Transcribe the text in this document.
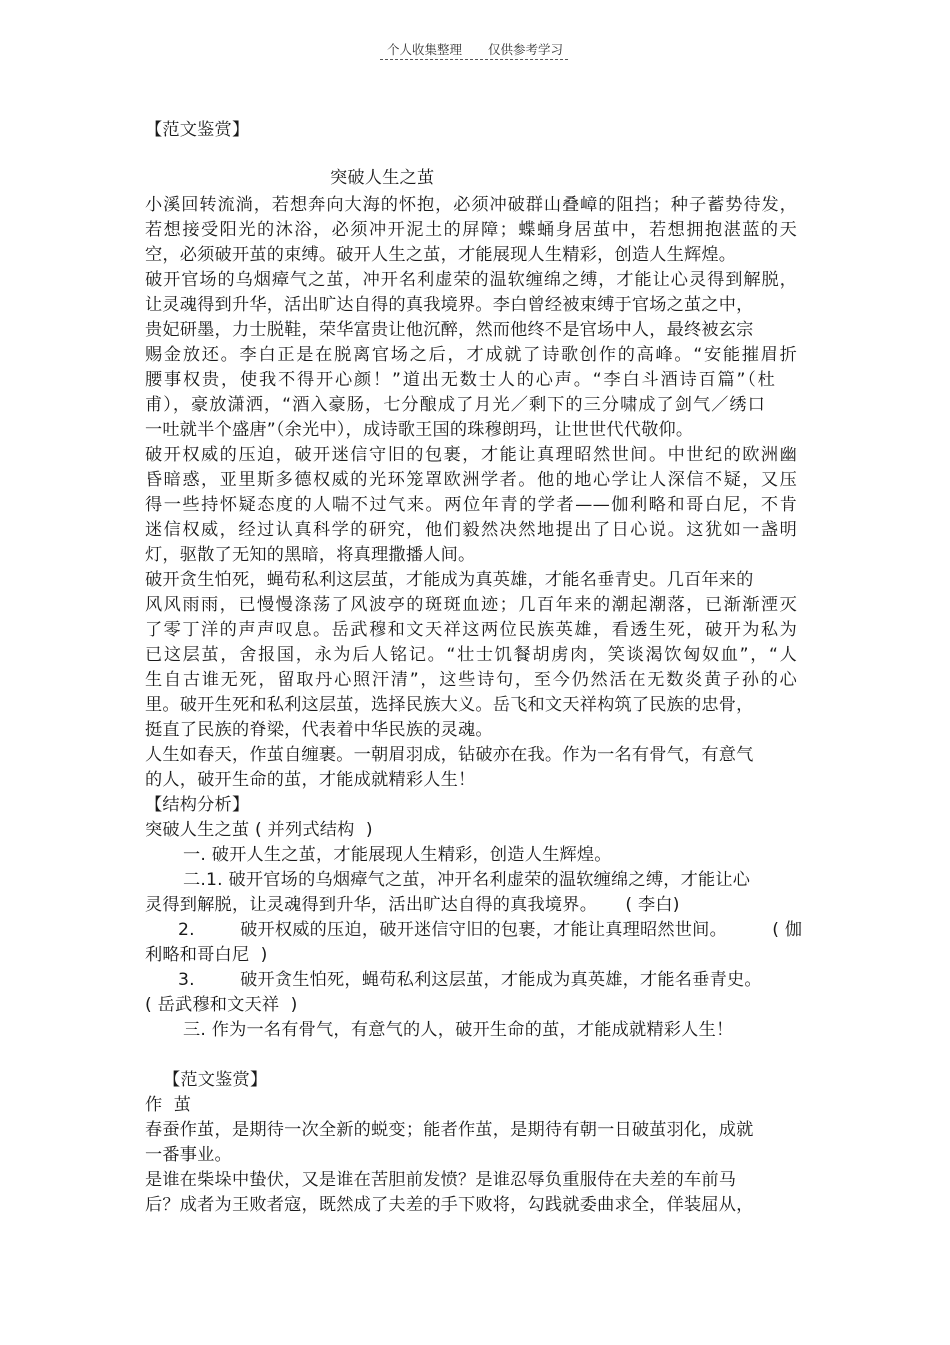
个人收集整理 仅供参考学习
【范文鉴赏】
突破人生之茧
小溪回转流淌，若想奔向大海的怀抱，必须冲破群山叠嶂的阻挡；种子蓄势待发，
若想接受阳光的沐浴，必须冲开泥土的屏障；蝶蛹身居茧中，若想拥抱湛蓝的天
空，必须破开茧的束缚。破开人生之茧，才能展现人生精彩，创造人生辉煌。
破开官场的乌烟瘴气之茧，冲开名利虚荣的温软缠绵之缚，才能让心灵得到解脱，
让灵魂得到升华，活出旷达自得的真我境界。李白曾经被束缚于官场之茧之中，
贵妃研墨，力士脱鞋，荣华富贵让他沉醉，然而他终不是官场中人，最终被玄宗
赐金放还。李白正是在脱离官场之后，才成就了诗歌创作的高峰。“安能摧眉折
腰事权贵，使我不得开心颜！”道出无数士人的心声。“李白斗酒诗百篇”（杜
甫），豪放潇洒，“酒入豪肠，七分酿成了月光／剩下的三分啸成了剑气／绣口
一吐就半个盛唐”（余光中），成诗歌王国的珠穆朗玛，让世世代代敬仰。
破开权威的压迫，破开迷信守旧的包裹，才能让真理昭然世间。中世纪的欧洲幽
昏暗惑，亚里斯多德权威的光环笼罩欧洲学者。他的地心学让人深信不疑，又压
得一些持怀疑态度的人喘不过气来。两位年青的学者——伽利略和哥白尼，不肯
迷信权威，经过认真科学的研究，他们毅然决然地提出了日心说。这犹如一盏明
灯，驱散了无知的黑暗，将真理撒播人间。
破开贪生怕死，蝇苟私利这层茧，才能成为真英雄，才能名垂青史。几百年来的
风风雨雨，已慢慢涤荡了风波亭的斑斑血迹；几百年来的潮起潮落，已渐渐湮灭
了零丁洋的声声叹息。岳武穆和文天祥这两位民族英雄，看透生死，破开为私为
已这层茧，舍报国，永为后人铭记。“壮士饥餐胡虏肉，笑谈渴饮匈奴血”，“人
生自古谁无死，留取丹心照汗清”，这些诗句，至今仍然活在无数炎黄子孙的心
里。破开生死和私利这层茧，选择民族大义。岳飞和文天祥构筑了民族的忠骨，
挺直了民族的脊梁，代表着中华民族的灵魂。
人生如春天，作茧自缠裹。一朝眉羽成，钻破亦在我。作为一名有骨气，有意气
的人，破开生命的茧，才能成就精彩人生！
【结构分析】
突破人生之茧 ( 并列式结构  )
一. 破开人生之茧，才能展现人生精彩，创造人生辉煌。
二.1. 破开官场的乌烟瘴气之茧，冲开名利虚荣的温软缠绵之缚，才能让心
灵得到解脱，让灵魂得到升华，活出旷达自得的真我境界。     ( 李白)
2.        破开权威的压迫，破开迷信守旧的包裹，才能让真理昭然世间。        ( 伽
利略和哥白尼  )
3.        破开贪生怕死，蝇苟私利这层茧，才能成为真英雄，才能名垂青史。
( 岳武穆和文天祥  )
三. 作为一名有骨气，有意气的人，破开生命的茧，才能成就精彩人生！
【范文鉴赏】
作  茧
春蚕作茧，是期待一次全新的蜕变；能者作茧，是期待有朝一日破茧羽化，成就
一番事业。
是谁在柴垛中蛰伏，又是谁在苦胆前发愤？是谁忍辱负重服侍在夫差的车前马
后？成者为王败者寇，既然成了夫差的手下败将，勾践就委曲求全，佯装屈从，
